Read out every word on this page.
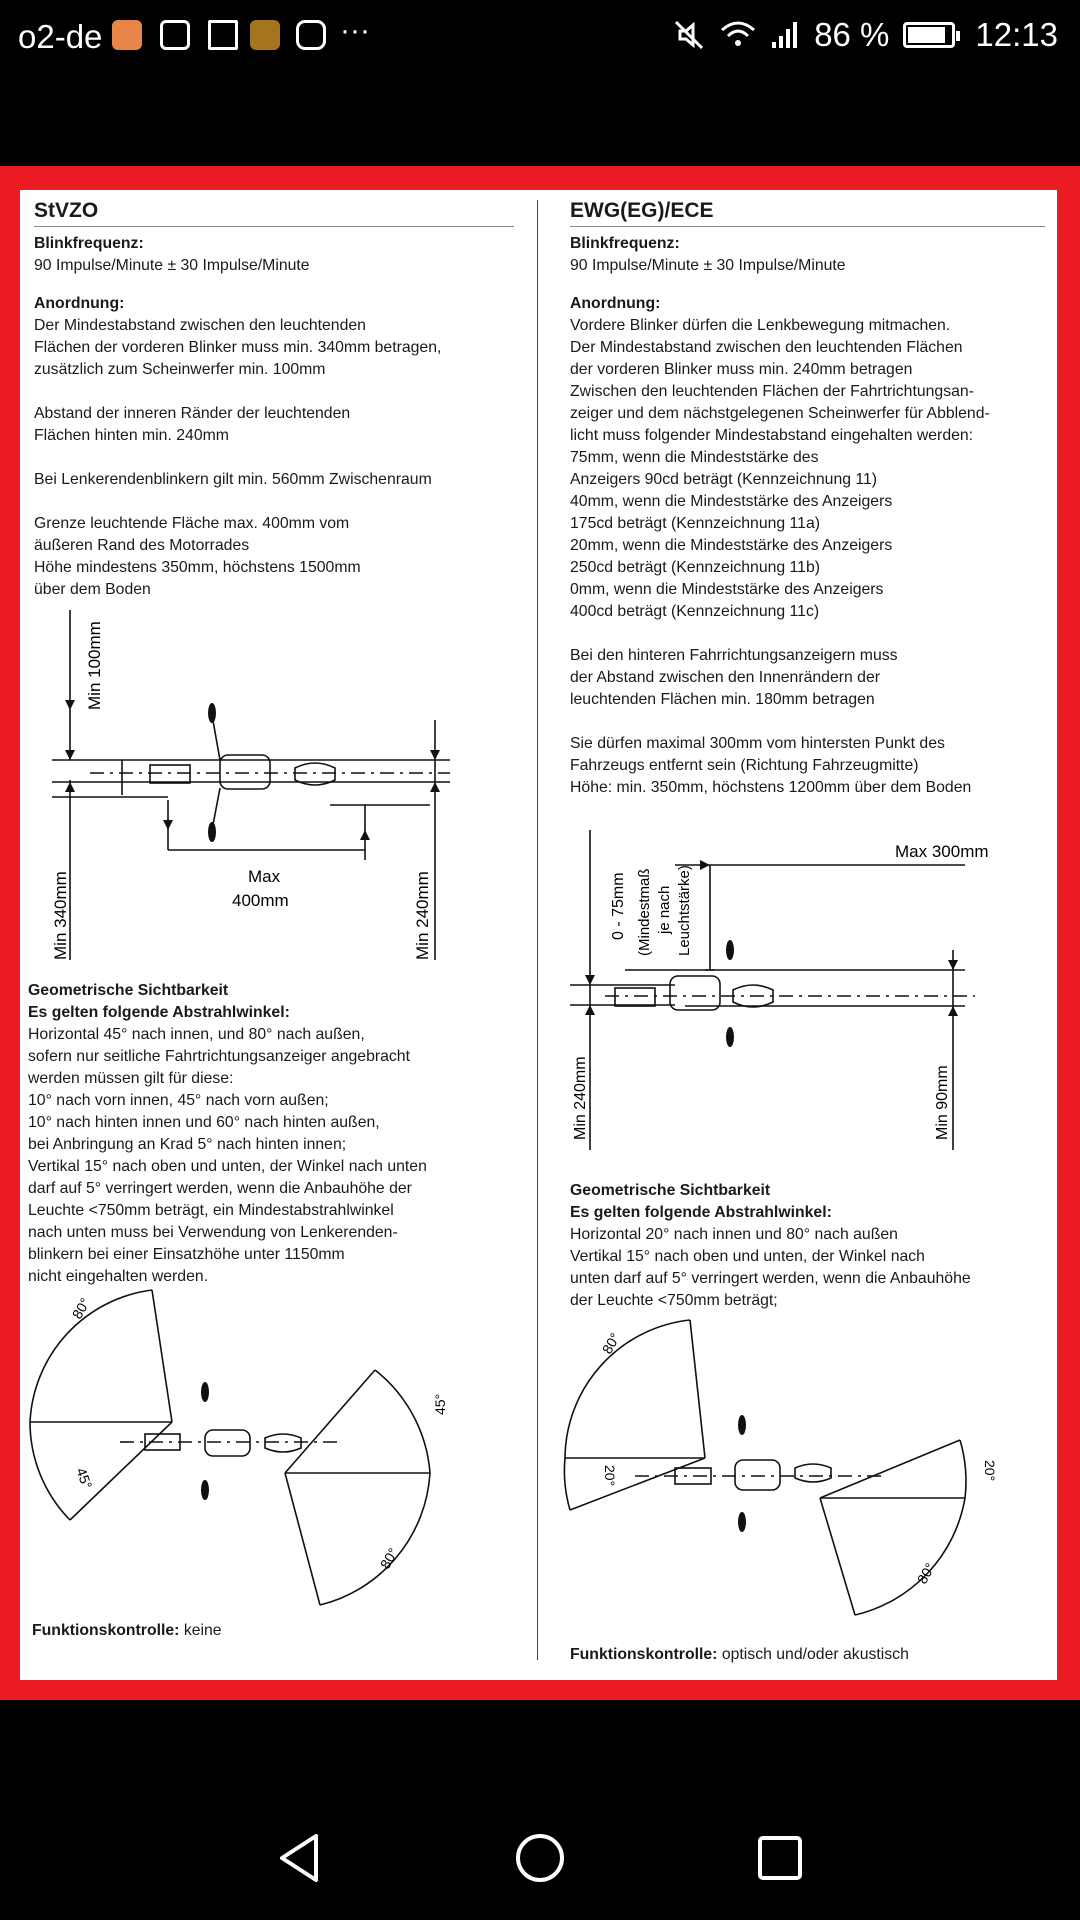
o2-de	···	86 %	12:13
StVZO

Blinkfrequenz:

90 Impulse/Minute ± 30 Impulse/Minute

Anordnung:

Der Mindestabstand zwischen den leuchtenden
Flächen der vorderen Blinker muss min. 340mm betragen,
zusätzlich zum Scheinwerfer min. 100mm

Abstand der inneren Ränder der leuchtenden
Flächen hinten min. 240mm

Bei Lenkerendenblinkern gilt min. 560mm Zwischenraum

Grenze leuchtende Fläche max. 400mm vom
äußeren Rand des Motorrades
Höhe mindestens 350mm, höchstens 1500mm
über dem Boden

Min 100mm
Min 340mm	Max
400mm	Min 240mm

Geometrische Sichtbarkeit

Es gelten folgende Abstrahlwinkel:

Horizontal 45° nach innen, und 80° nach außen,
sofern nur seitliche Fahrtrichtungsanzeiger angebracht
werden müssen gilt für diese:
10° nach vorn innen, 45° nach vorn außen;
10° nach hinten innen und 60° nach hinten außen,
bei Anbringung an Krad 5° nach hinten innen;
Vertikal 15° nach oben und unten, der Winkel nach unten
darf auf 5° verringert werden, wenn die Anbauhöhe der
Leuchte <750mm beträgt, ein Mindestabstrahlwinkel
nach unten muss bei Verwendung von Lenkerenden-
blinkern bei einer Einsatzhöhe unter 1150mm
nicht eingehalten werden.

80°
45°
45°
80°

Funktionskontrolle: keine

EWG(EG)/ECE

Blinkfrequenz:

90 Impulse/Minute ± 30 Impulse/Minute

Anordnung:

Vordere Blinker dürfen die Lenkbewegung mitmachen.
Der Mindestabstand zwischen den leuchtenden Flächen
der vorderen Blinker muss min. 240mm betragen
Zwischen den leuchtenden Flächen der Fahrtrichtungsan-
zeiger und dem nächstgelegenen Scheinwerfer für Abblend-
licht muss folgender Mindestabstand eingehalten werden:
75mm, wenn die Mindeststärke des
Anzeigers 90cd beträgt (Kennzeichnung 11)
40mm, wenn die Mindeststärke des Anzeigers
175cd beträgt (Kennzeichnung 11a)
20mm, wenn die Mindeststärke des Anzeigers
250cd beträgt (Kennzeichnung 11b)
0mm, wenn die Mindeststärke des Anzeigers
400cd beträgt (Kennzeichnung 11c)

Bei den hinteren Fahrrichtungsanzeigern muss
der Abstand zwischen den Innenrändern der
leuchtenden Flächen min. 180mm betragen

Sie dürfen maximal 300mm vom hintersten Punkt des
Fahrzeugs entfernt sein (Richtung Fahrzeugmitte)
Höhe: min. 350mm, höchstens 1200mm über dem Boden

0 - 75mm (Mindestmaß je nach Leuchtstärke)
Max 300mm
Min 240mm	Min 90mm

Geometrische Sichtbarkeit

Es gelten folgende Abstrahlwinkel:

Horizontal 20° nach innen und 80° nach außen
Vertikal 15° nach oben und unten, der Winkel nach
unten darf auf 5° verringert werden, wenn die Anbauhöhe
der Leuchte <750mm beträgt;

80°
20°	20°
80°

Funktionskontrolle: optisch und/oder akustisch
